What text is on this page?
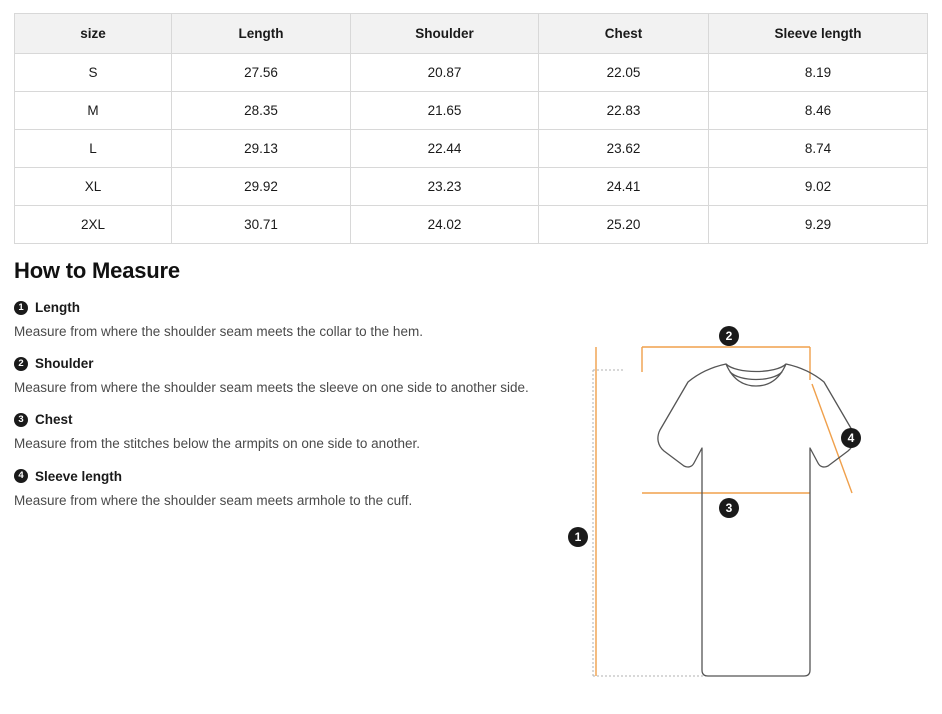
size	Length	Shoulder	Chest	Sleeve length
S	27.56	20.87	22.05	8.19
M	28.35	21.65	22.83	8.46
L	29.13	22.44	23.62	8.74
XL	29.92	23.23	24.41	9.02
2XL	30.71	24.02	25.20	9.29
How to Measure
1 Length
Measure from where the shoulder seam meets the collar to the hem.
2 Shoulder
Measure from where the shoulder seam meets the sleeve on one side to another side.
3 Chest
Measure from the stitches below the armpits on one side to another.
4 Sleeve length
Measure from where the shoulder seam meets armhole to the cuff.
2
4
3
1
